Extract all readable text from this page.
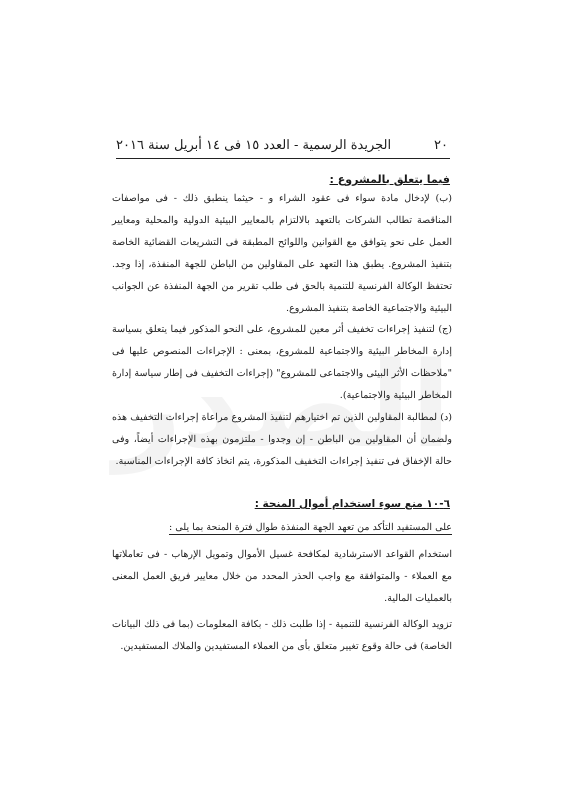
٢٠
الجريدة الرسمية - العدد ١٥ فى ١٤ أبريل سنة ٢٠١٦
فيما يتعلق بالمشروع :

(ب) لإدخال مادة سواء فى عقود الشراء و - حيثما ينطبق ذلك - فى مواصفات المناقصة تطالب الشركات بالتعهد بالالتزام بالمعايير البيئية الدولية والمحلية ومعايير العمل على نحو يتوافق مع القوانين واللوائح المطبقة فى التشريعات القضائية الخاصة بتنفيذ المشروع. يطبق هذا التعهد على المقاولين من الباطن للجهة المنفذة، إذا وجد. تحتفظ الوكالة الفرنسية للتنمية بالحق فى طلب تقرير من الجهة المنفذة عن الجوانب البيئية والاجتماعية الخاصة بتنفيذ المشروع.

(ج) لتنفيذ إجراءات تخفيف أثر معين للمشروع، على النحو المذكور فيما يتعلق بسياسة إدارة المخاطر البيئية والاجتماعية للمشروع، بمعنى : الإجراءات المنصوص عليها فى "ملاحظات الأثر البيئى والاجتماعى للمشروع" (إجراءات التخفيف فى إطار سياسة إدارة المخاطر البيئية والاجتماعية).

(د) لمطالبة المقاولين الذين تم اختيارهم لتنفيذ المشروع مراعاة إجراءات التخفيف هذه ولضمان أن المقاولين من الباطن - إن وجدوا - ملتزمون بهذه الإجراءات أيضاً، وفى حالة الإخفاق فى تنفيذ إجراءات التخفيف المذكورة، يتم اتخاذ كافة الإجراءات المناسبة.

٦-١٠ منع سوء استخدام أموال المنحة :
على المستفيد التأكد من تعهد الجهة المنفذة طوال فترة المنحة بما يلى :

استخدام القواعد الاسترشادية لمكافحة غسيل الأموال وتمويل الإرهاب - فى تعاملاتها مع العملاء - والمتوافقة مع واجب الحذر المحدد من خلال معايير فريق العمل المعنى بالعمليات المالية.

تزويد الوكالة الفرنسية للتنمية - إذا طلبت ذلك - بكافة المعلومات (بما فى ذلك البيانات الخاصة) فى حالة وقوع تغيير متعلق بأى من العملاء المستفيدين والملاك المستفيدين.
